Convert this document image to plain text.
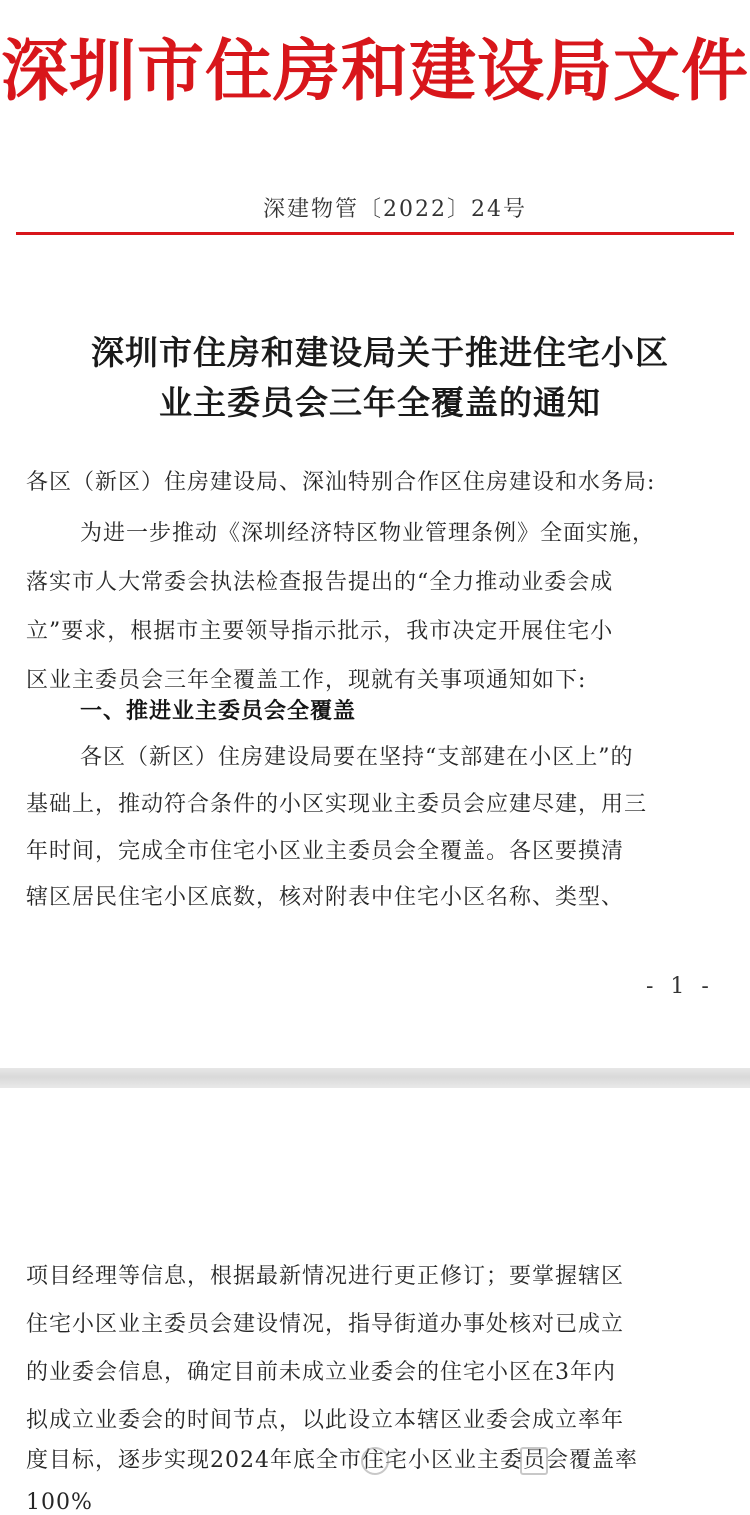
深圳市住房和建设局文件
深建物管〔2022〕24号
深圳市住房和建设局关于推进住宅小区
业主委员会三年全覆盖的通知
各区（新区）住房建设局、深汕特别合作区住房建设和水务局:
为进一步推动《深圳经济特区物业管理条例》全面实施，
落实市人大常委会执法检查报告提出的“全力推动业委会成
立”要求，根据市主要领导指示批示，我市决定开展住宅小
区业主委员会三年全覆盖工作，现就有关事项通知如下:
一、推进业主委员会全覆盖
各区（新区）住房建设局要在坚持“支部建在小区上”的
基础上，推动符合条件的小区实现业主委员会应建尽建，用三
年时间，完成全市住宅小区业主委员会全覆盖。各区要摸清
辖区居民住宅小区底数，核对附表中住宅小区名称、类型、
- 1 -
项目经理等信息，根据最新情况进行更正修订；要掌握辖区
住宅小区业主委员会建设情况，指导街道办事处核对已成立
的业委会信息，确定目前未成立业委会的住宅小区在3年内
拟成立业委会的时间节点，以此设立本辖区业委会成立率年
度目标，逐步实现2024年底全市住宅小区业主委员会覆盖率
100%
